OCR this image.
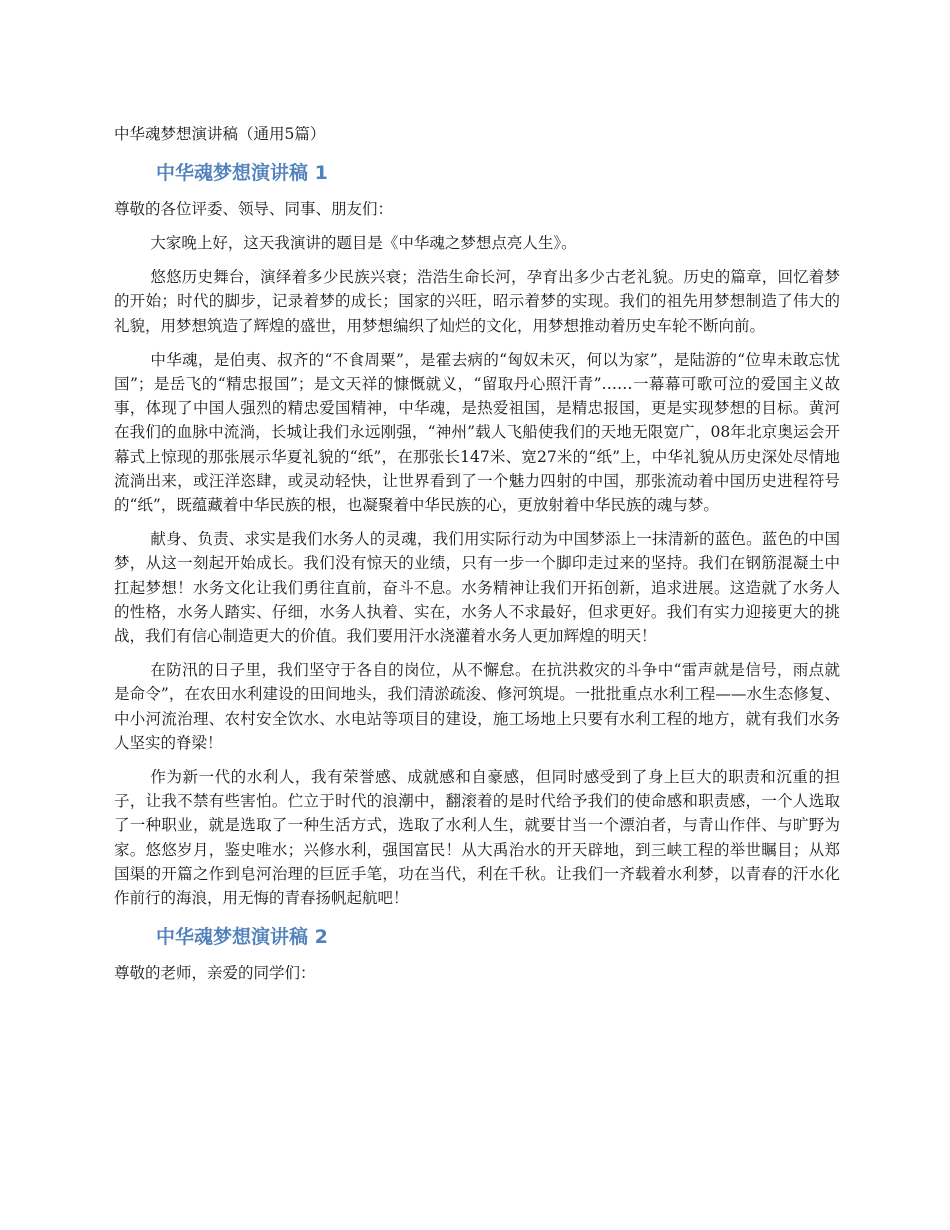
中华魂梦想演讲稿（通用5篇）
中华魂梦想演讲稿 1
尊敬的各位评委、领导、同事、朋友们：

大家晚上好，这天我演讲的题目是《中华魂之梦想点亮人生》。

悠悠历史舞台，演绎着多少民族兴衰；浩浩生命长河，孕育出多少古老礼貌。历史的篇章，回忆着梦的开始；时代的脚步，记录着梦的成长；国家的兴旺，昭示着梦的实现。我们的祖先用梦想制造了伟大的礼貌，用梦想筑造了辉煌的盛世，用梦想编织了灿烂的文化，用梦想推动着历史车轮不断向前。

中华魂，是伯夷、叔齐的“不食周粟”，是霍去病的“匈奴未灭，何以为家”，是陆游的“位卑未敢忘忧国”；是岳飞的“精忠报国”；是文天祥的慷慨就义，“留取丹心照汗青”……一幕幕可歌可泣的爱国主义故事，体现了中国人强烈的精忠爱国精神，中华魂，是热爱祖国，是精忠报国，更是实现梦想的目标。黄河在我们的血脉中流淌，长城让我们永远刚强，“神州”载人飞船使我们的天地无限宽广，08年北京奥运会开幕式上惊现的那张展示华夏礼貌的“纸”，在那张长147米、宽27米的“纸”上，中华礼貌从历史深处尽情地流淌出来，或汪洋恣肆，或灵动轻快，让世界看到了一个魅力四射的中国，那张流动着中国历史进程符号的“纸”，既蕴藏着中华民族的根，也凝聚着中华民族的心，更放射着中华民族的魂与梦。

献身、负责、求实是我们水务人的灵魂，我们用实际行动为中国梦添上一抹清新的蓝色。蓝色的中国梦，从这一刻起开始成长。我们没有惊天的业绩，只有一步一个脚印走过来的坚持。我们在钢筋混凝土中扛起梦想！水务文化让我们勇往直前，奋斗不息。水务精神让我们开拓创新，追求进展。这造就了水务人的性格，水务人踏实、仔细，水务人执着、实在，水务人不求最好，但求更好。我们有实力迎接更大的挑战，我们有信心制造更大的价值。我们要用汗水浇灌着水务人更加辉煌的明天！

在防汛的日子里，我们坚守于各自的岗位，从不懈怠。在抗洪救灾的斗争中“雷声就是信号，雨点就是命令”，在农田水利建设的田间地头，我们清淤疏浚、修河筑堤。一批批重点水利工程——水生态修复、中小河流治理、农村安全饮水、水电站等项目的建设，施工场地上只要有水利工程的地方，就有我们水务人坚实的脊梁！

作为新一代的水利人，我有荣誉感、成就感和自豪感，但同时感受到了身上巨大的职责和沉重的担子，让我不禁有些害怕。伫立于时代的浪潮中，翻滚着的是时代给予我们的使命感和职责感，一个人选取了一种职业，就是选取了一种生活方式，选取了水利人生，就要甘当一个漂泊者，与青山作伴、与旷野为家。悠悠岁月，鉴史唯水；兴修水利，强国富民！从大禹治水的开天辟地，到三峡工程的举世瞩目；从郑国渠的开篇之作到皂河治理的巨匠手笔，功在当代，利在千秋。让我们一齐载着水利梦，以青春的汗水化作前行的海浪，用无悔的青春扬帆起航吧！

中华魂梦想演讲稿 2
尊敬的老师，亲爱的同学们：
